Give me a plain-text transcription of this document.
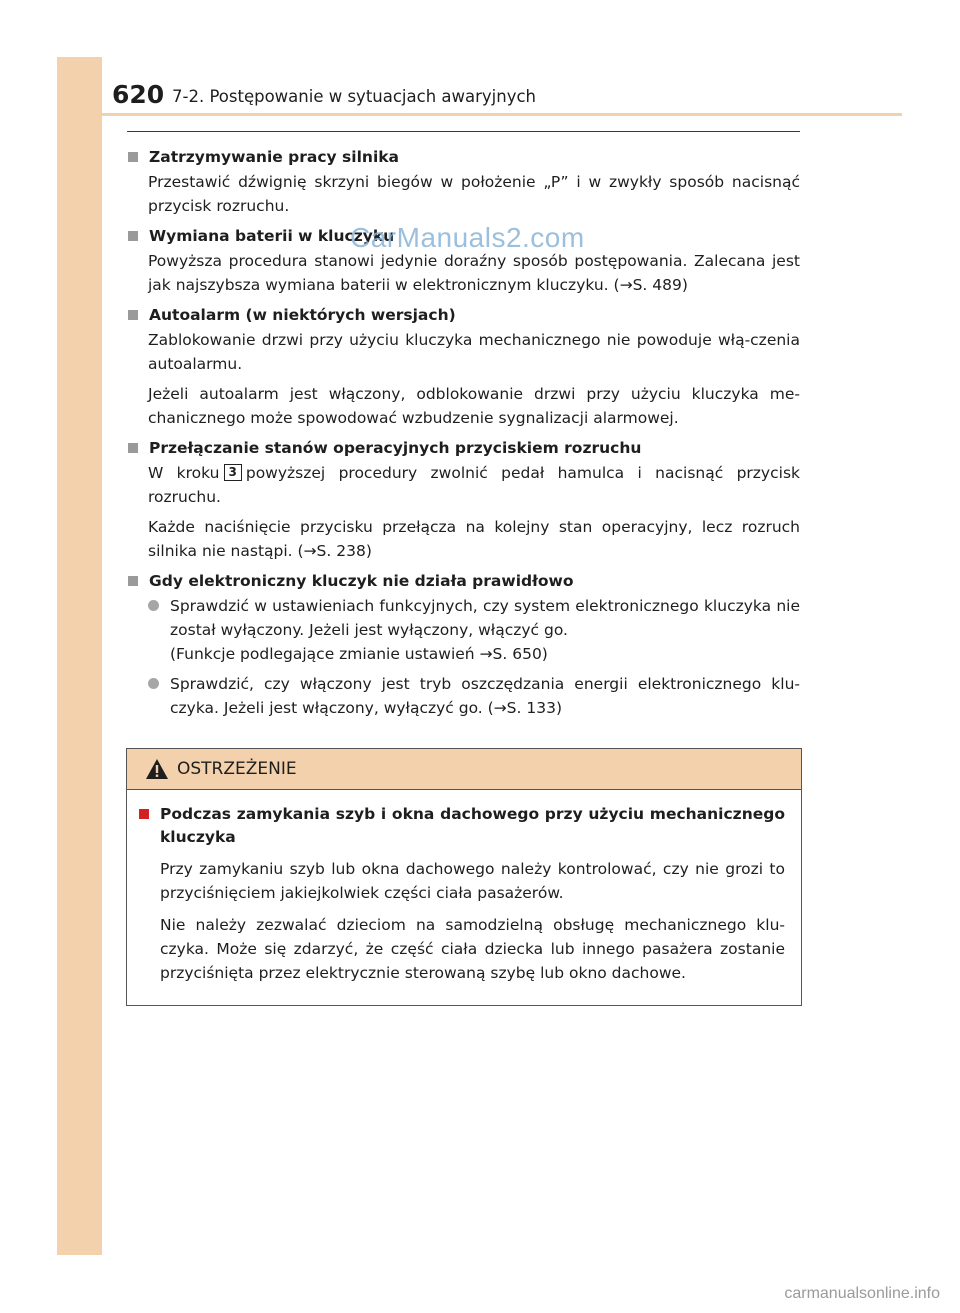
620 7-2. Postępowanie w sytuacjach awaryjnych
Zatrzymywanie pracy silnika
Przestawić dźwignię skrzyni biegów w położenie „P” i w zwykły sposób nacisnąć przycisk rozruchu.
Wymiana baterii w kluczyku
Powyższa procedura stanowi jedynie doraźny sposób postępowania. Zalecana jest jak najszybsza wymiana baterii w elektronicznym kluczyku. (→S. 489)
Autoalarm (w niektórych wersjach)
Zablokowanie drzwi przy użyciu kluczyka mechanicznego nie powoduje włą-czenia autoalarmu.
Jeżeli autoalarm jest włączony, odblokowanie drzwi przy użyciu kluczyka me-chanicznego może spowodować wzbudzenie sygnalizacji alarmowej.
Przełączanie stanów operacyjnych przyciskiem rozruchu
W kroku 3 powyższej procedury zwolnić pedał hamulca i nacisnąć przycisk rozruchu.
Każde naciśnięcie przycisku przełącza na kolejny stan operacyjny, lecz rozruch silnika nie nastąpi. (→S. 238)
Gdy elektroniczny kluczyk nie działa prawidłowo
Sprawdzić w ustawieniach funkcyjnych, czy system elektronicznego kluczyka nie został wyłączony. Jeżeli jest wyłączony, włączyć go.
(Funkcje podlegające zmianie ustawień →S. 650)
Sprawdzić, czy włączony jest tryb oszczędzania energii elektronicznego klu-czyka. Jeżeli jest włączony, wyłączyć go. (→S. 133)
CarManuals2.com
OSTRZEŻENIE
Podczas zamykania szyb i okna dachowego przy użyciu mechanicznego kluczyka
Przy zamykaniu szyb lub okna dachowego należy kontrolować, czy nie grozi to przyciśnięciem jakiejkolwiek części ciała pasażerów.
Nie należy zezwalać dzieciom na samodzielną obsługę mechanicznego klu-czyka. Może się zdarzyć, że część ciała dziecka lub innego pasażera zostanie przyciśnięta przez elektrycznie sterowaną szybę lub okno dachowe.
carmanualsonline.info
